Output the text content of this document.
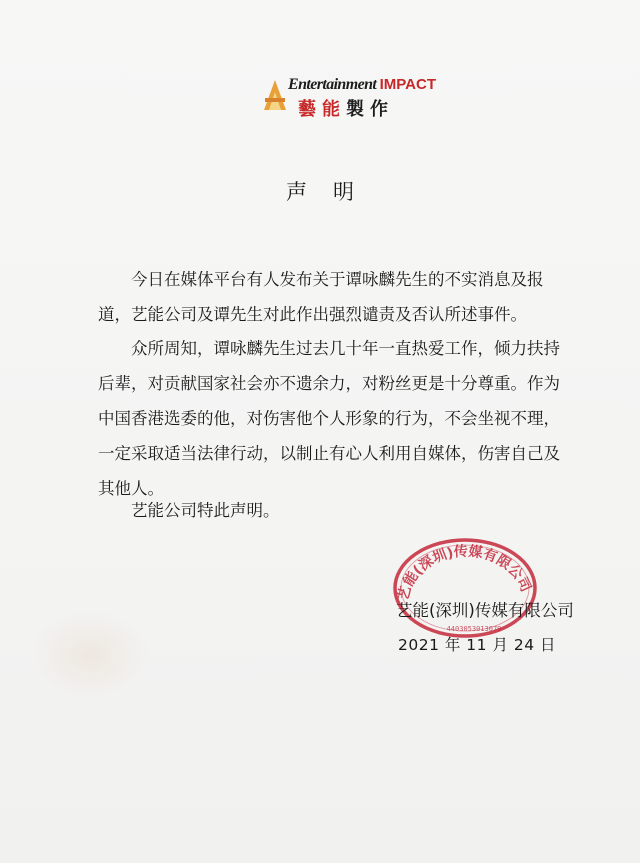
Entertainment IMPACT
藝能製作
声明
今日在媒体平台有人发布关于谭咏麟先生的不实消息及报道，艺能公司及谭先生对此作出强烈谴责及否认所述事件。
众所周知，谭咏麟先生过去几十年一直热爱工作，倾力扶持后辈，对贡献国家社会亦不遗余力，对粉丝更是十分尊重。作为中国香港选委的他，对伤害他个人形象的行为，不会坐视不理，一定采取适当法律行动，以制止有心人利用自媒体，伤害自己及其他人。
艺能公司特此声明。
艺能(深圳)传媒有限公司
4403053013079
艺能(深圳)传媒有限公司
2021 年 11 月 24 日
